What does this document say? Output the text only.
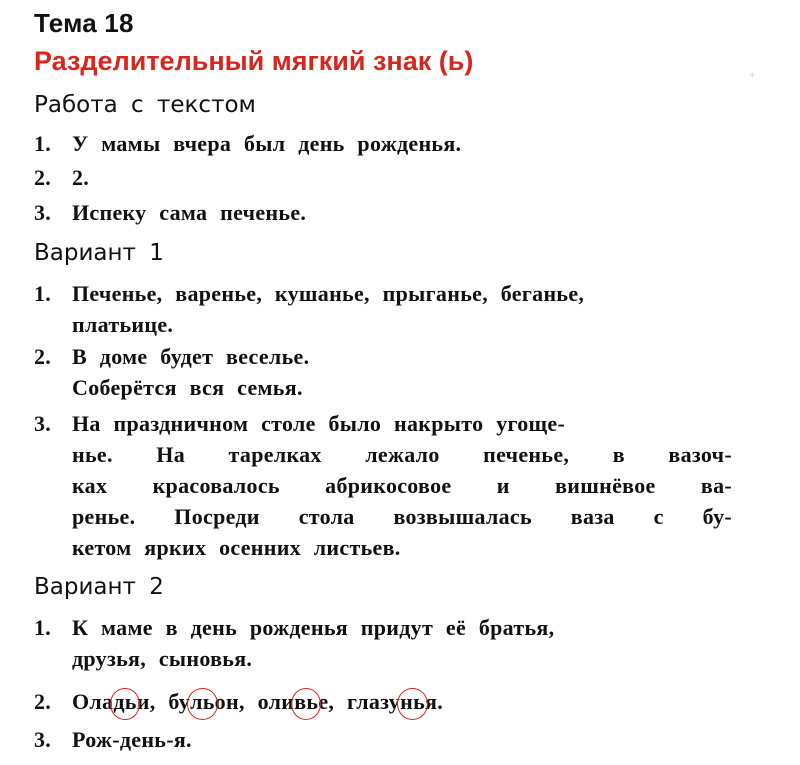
Тема 18
Разделительный мягкий знак (ь)	+
Работа с текстом
1. У мамы вчера был день рожденья.
2. 2.
3. Испеку сама печенье.
Вариант 1
1. Печенье, варенье, кушанье, прыганье, беганье,
платьице.
2. В доме будет веселье.
Соберётся вся семья.
3. На праздничном столе было накрыто угоще-
нье. На тарелках лежало печенье, в вазоч-
ках красовалось абрикосовое и вишнёвое ва-
ренье. Посреди стола возвышалась ваза с бу-
кетом ярких осенних листьев.
Вариант 2
1. К маме в день рожденья придут её братья,
друзья, сыновья.
2. Оладьи, бульон, оливье, глазунья.
3. Рож-день-я.
